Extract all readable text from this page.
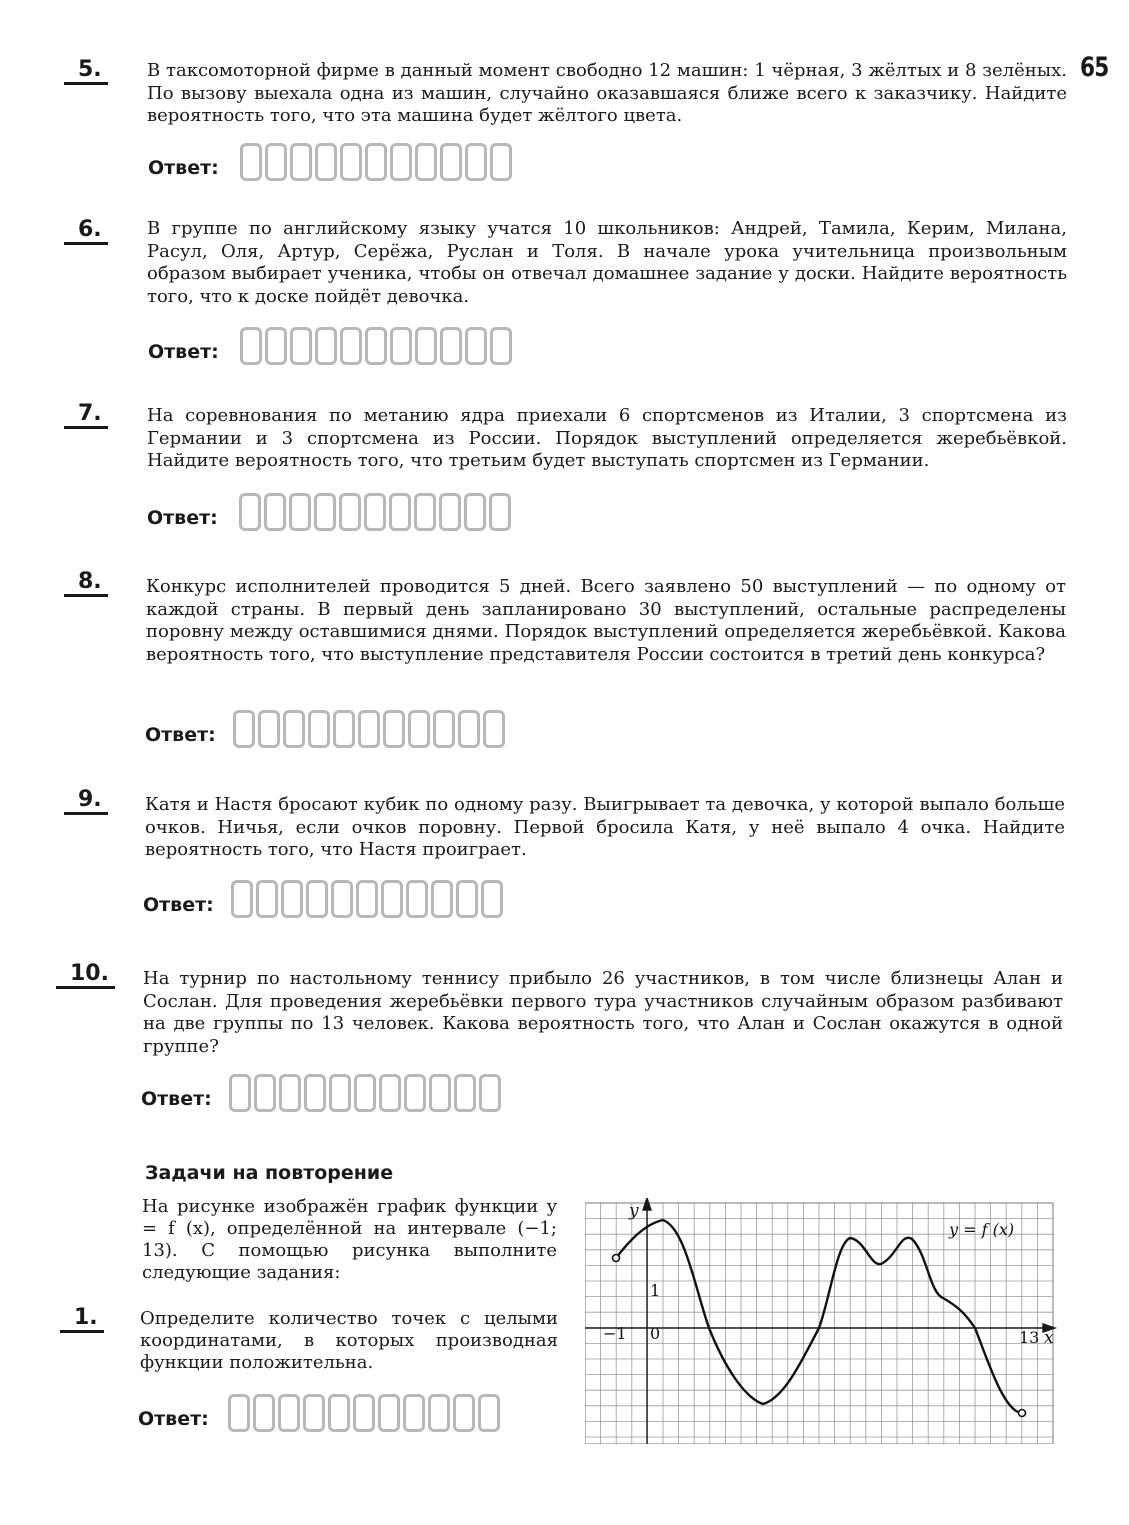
65
5.	В таксомоторной фирме в данный момент свободно 12 машин: 1 чёрная, 3 жёлтых и 8 зелёных. По вызову выехала одна из машин, случайно оказавшаяся ближе всего к заказчику. Найдите вероятность того, что эта машина будет жёлтого цвета.

Ответ:
6.	В группе по английскому языку учатся 10 школьников: Андрей, Тамила, Керим, Милана, Расул, Оля, Артур, Серёжа, Руслан и Толя. В начале урока учительница произвольным образом выбирает ученика, чтобы он отвечал домашнее задание у доски. Найдите вероятность того, что к доске пойдёт девочка.

Ответ:
7.	На соревнования по метанию ядра приехали 6 спортсменов из Италии, 3 спортсмена из Германии и 3 спортсмена из России. Порядок выступлений определяется жеребьёвкой. Найдите вероятность того, что третьим будет выступать спортсмен из Германии.

Ответ:
8.	Конкурс исполнителей проводится 5 дней. Всего заявлено 50 выступлений — по одному от каждой страны. В первый день запланировано 30 выступлений, остальные распределены поровну между оставшимися днями. Порядок выступлений определяется жеребьёвкой. Какова вероятность того, что выступление представителя России состоится в третий день конкурса?

Ответ:
9.	Катя и Настя бросают кубик по одному разу. Выигрывает та девочка, у которой выпало больше очков. Ничья, если очков поровну. Первой бросила Катя, у неё выпало 4 очка. Найдите вероятность того, что Настя проиграет.

Ответ:
10.	На турнир по настольному теннису прибыло 26 участников, в том числе близнецы Алан и Сослан. Для проведения жеребьёвки первого тура участников случайным образом разбивают на две группы по 13 человек. Какова вероятность того, что Алан и Сослан окажутся в одной группе?

Ответ:
Задачи на повторение

На рисунке изображён график функции y = f (x), определённой на интервале (−1; 13). С помощью рисунка выполните следующие задания:

1.	Определите количество точек с целыми координатами, в которых производная функции положительна.

Ответ:
y
x
y = f (x)
−1 0
1
13
